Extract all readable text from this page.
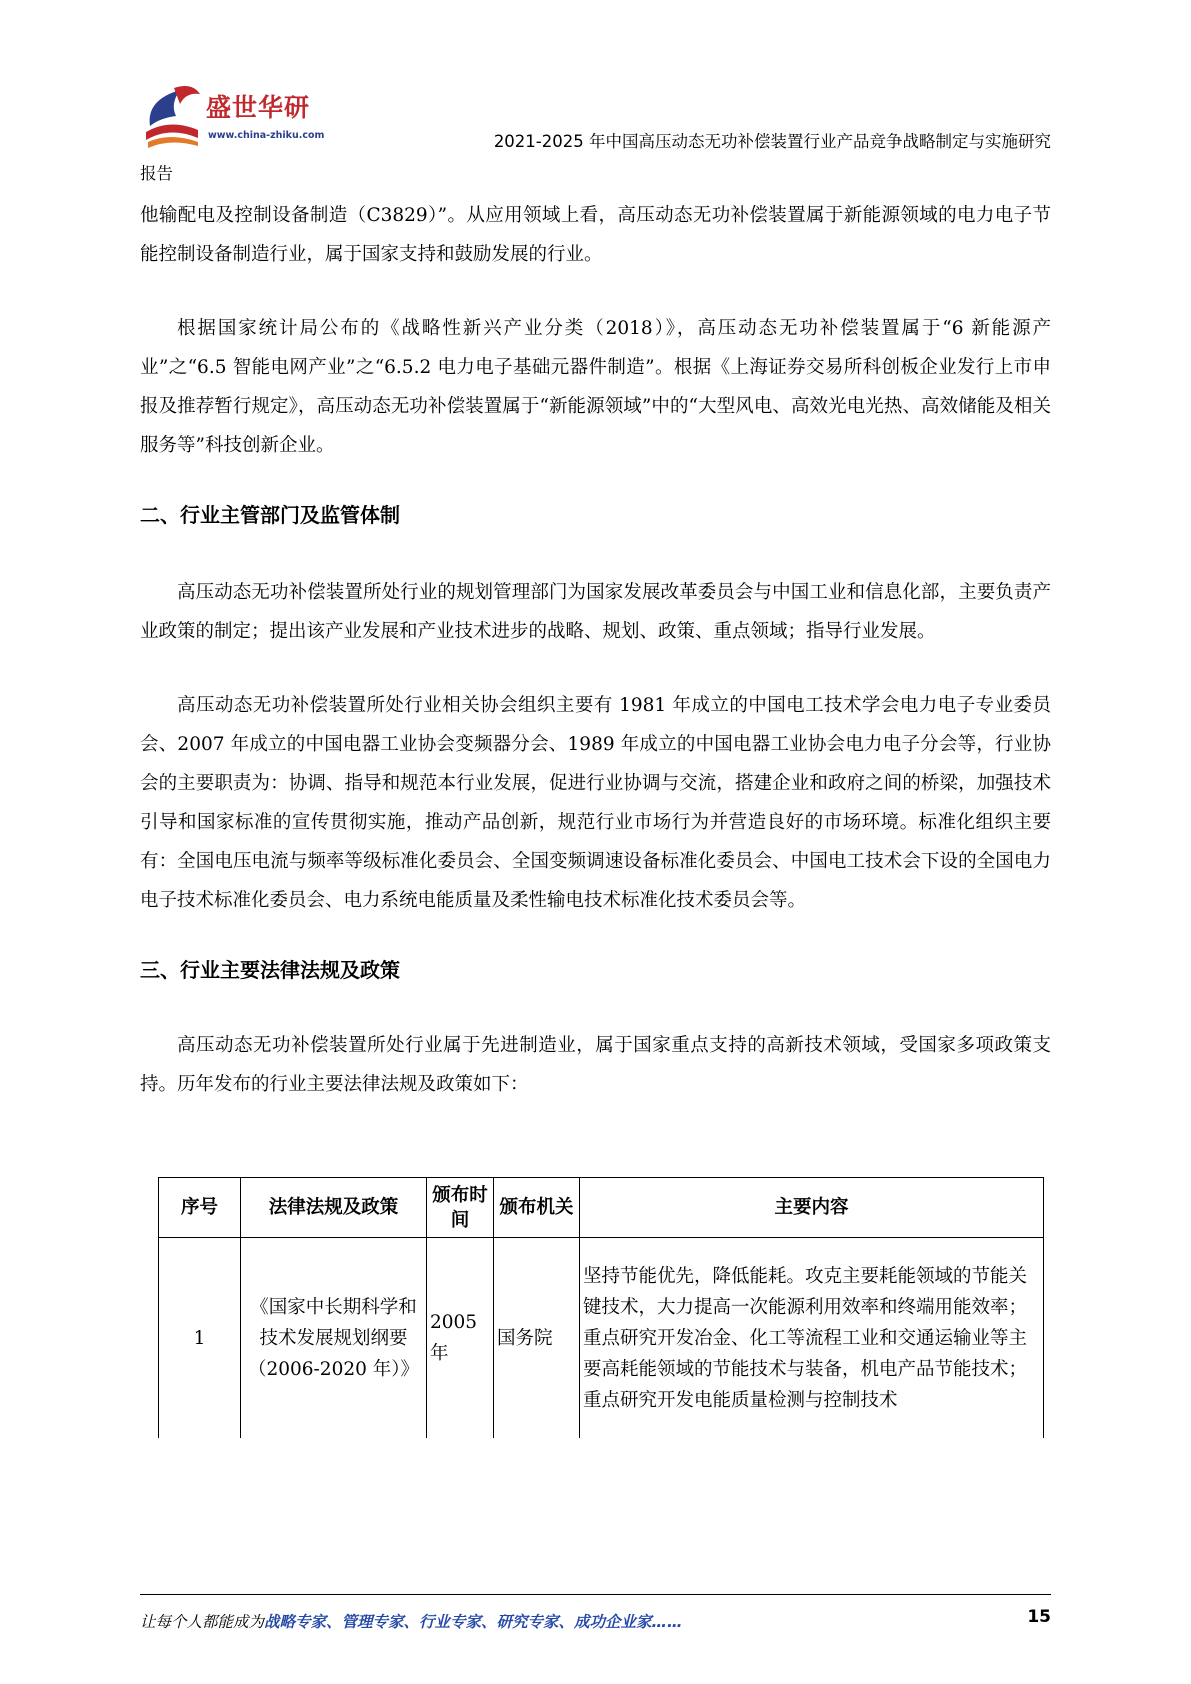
盛世华研
www.china-zhiku.com	2021-2025 年中国高压动态无功补偿装置行业产品竞争战略制定与实施研究
报告

他输配电及控制设备制造（C3829）”。从应用领域上看，高压动态无功补偿装置属于新能源领域的电力电子节能控制设备制造行业，属于国家支持和鼓励发展的行业。

根据国家统计局公布的《战略性新兴产业分类（2018）》，高压动态无功补偿装置属于“6 新能源产业”之“6.5 智能电网产业”之“6.5.2 电力电子基础元器件制造”。根据《上海证券交易所科创板企业发行上市申报及推荐暂行规定》，高压动态无功补偿装置属于“新能源领域”中的“大型风电、高效光电光热、高效储能及相关服务等”科技创新企业。

二、行业主管部门及监管体制

高压动态无功补偿装置所处行业的规划管理部门为国家发展改革委员会与中国工业和信息化部，主要负责产业政策的制定；提出该产业发展和产业技术进步的战略、规划、政策、重点领域；指导行业发展。

高压动态无功补偿装置所处行业相关协会组织主要有 1981 年成立的中国电工技术学会电力电子专业委员会、2007 年成立的中国电器工业协会变频器分会、1989 年成立的中国电器工业协会电力电子分会等，行业协会的主要职责为：协调、指导和规范本行业发展，促进行业协调与交流，搭建企业和政府之间的桥梁，加强技术引导和国家标准的宣传贯彻实施，推动产品创新，规范行业市场行为并营造良好的市场环境。标准化组织主要有：全国电压电流与频率等级标准化委员会、全国变频调速设备标准化委员会、中国电工技术会下设的全国电力电子技术标准化委员会、电力系统电能质量及柔性输电技术标准化技术委员会等。

三、行业主要法律法规及政策

高压动态无功补偿装置所处行业属于先进制造业，属于国家重点支持的高新技术领域，受国家多项政策支持。历年发布的行业主要法律法规及政策如下：

序号	法律法规及政策	颁布时间	颁布机关	主要内容
1	《国家中长期科学和技术发展规划纲要（2006-2020 年）》	2005年	国务院	坚持节能优先，降低能耗。攻克主要耗能领域的节能关键技术，大力提高一次能源利用效率和终端用能效率；重点研究开发冶金、化工等流程工业和交通运输业等主要高耗能领域的节能技术与装备，机电产品节能技术；重点研究开发电能质量检测与控制技术
让每个人都能成为战略专家、管理专家、行业专家、研究专家、成功企业家……	15
